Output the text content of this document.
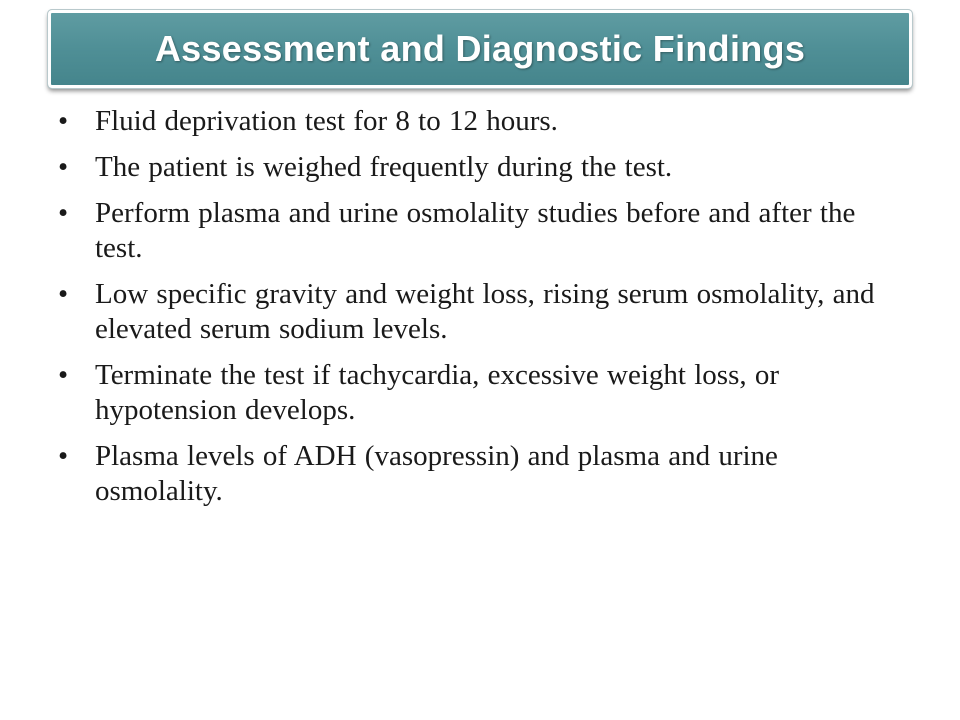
Assessment and Diagnostic Findings
• Fluid deprivation test for 8 to 12 hours.
• The patient is weighed frequently during the test.
• Perform plasma and urine osmolality studies before and after the test.
• Low specific gravity and weight loss, rising serum osmolality, and elevated serum sodium levels.
• Terminate the test if tachycardia, excessive weight loss, or hypotension develops.
• Plasma levels of ADH (vasopressin) and plasma and urine osmolality.
